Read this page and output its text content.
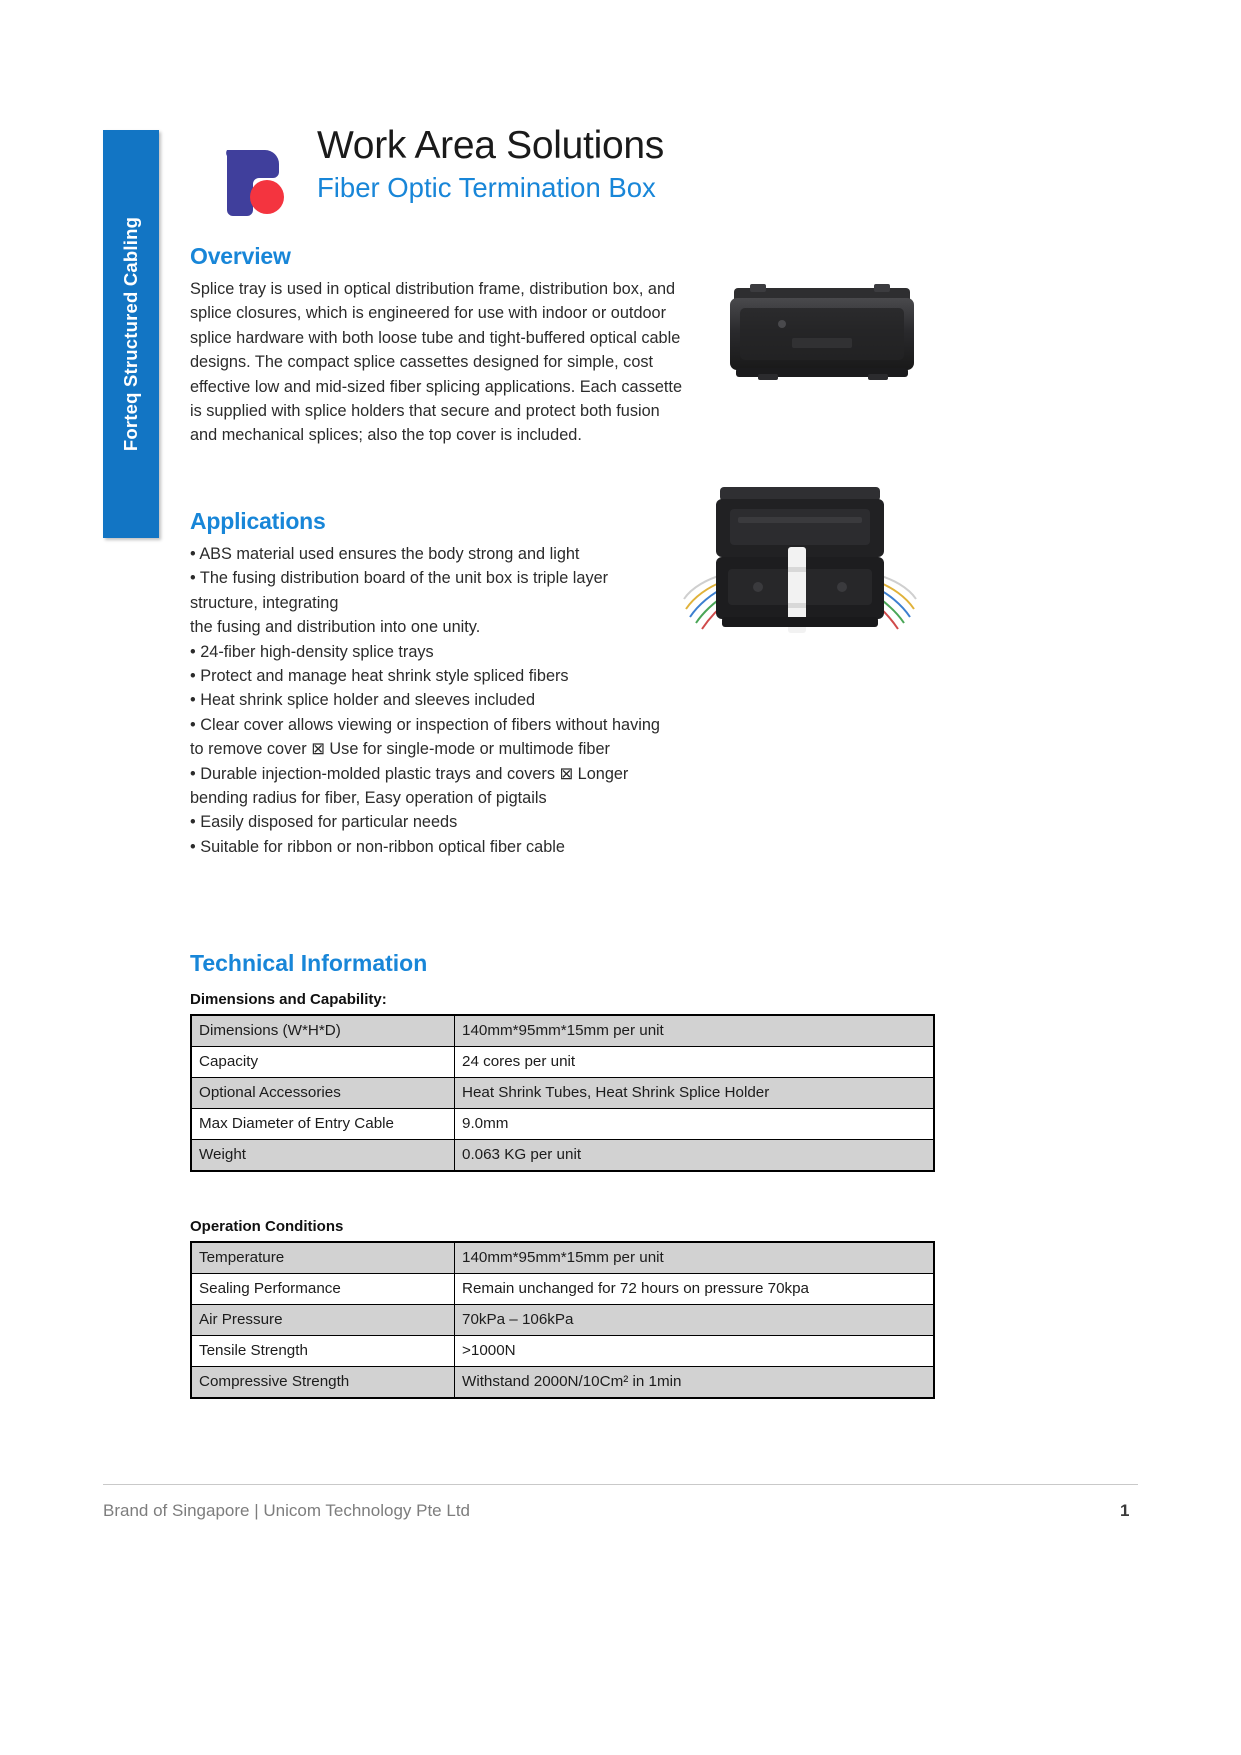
Forteq Structured Cabling
Work Area Solutions
Fiber Optic Termination Box
Overview

Splice tray is used in optical distribution frame, distribution box, and splice closures, which is engineered for use with indoor or outdoor splice hardware with both loose tube and tight-buffered optical cable designs. The compact splice cassettes designed for simple, cost effective low and mid-sized fiber splicing applications. Each cassette is supplied with splice holders that secure and protect both fusion and mechanical splices; also the top cover is included.

Applications
• ABS material used ensures the body strong and light
• The fusing distribution board of the unit box is triple layer structure, integrating
the fusing and distribution into one unity.
• 24-fiber high-density splice trays
• Protect and manage heat shrink style spliced fibers
• Heat shrink splice holder and sleeves included
• Clear cover allows viewing or inspection of fibers without having to remove cover ⊠ Use for single-mode or multimode fiber
• Durable injection-molded plastic trays and covers ⊠ Longer bending radius for fiber, Easy operation of pigtails
• Easily disposed for particular needs
• Suitable for ribbon or non-ribbon optical fiber cable
Technical Information
Dimensions and Capability:
Dimensions (W*H*D)	140mm*95mm*15mm per unit
Capacity	24 cores per unit
Optional Accessories	Heat Shrink Tubes, Heat Shrink Splice Holder
Max Diameter of Entry Cable	9.0mm
Weight	0.063 KG per unit
Operation Conditions
Temperature	140mm*95mm*15mm per unit
Sealing Performance	Remain unchanged for 72 hours on pressure 70kpa
Air Pressure	70kPa – 106kPa
Tensile Strength	>1000N
Compressive Strength	Withstand 2000N/10Cm² in 1min
Brand of Singapore | Unicom Technology Pte Ltd	1
